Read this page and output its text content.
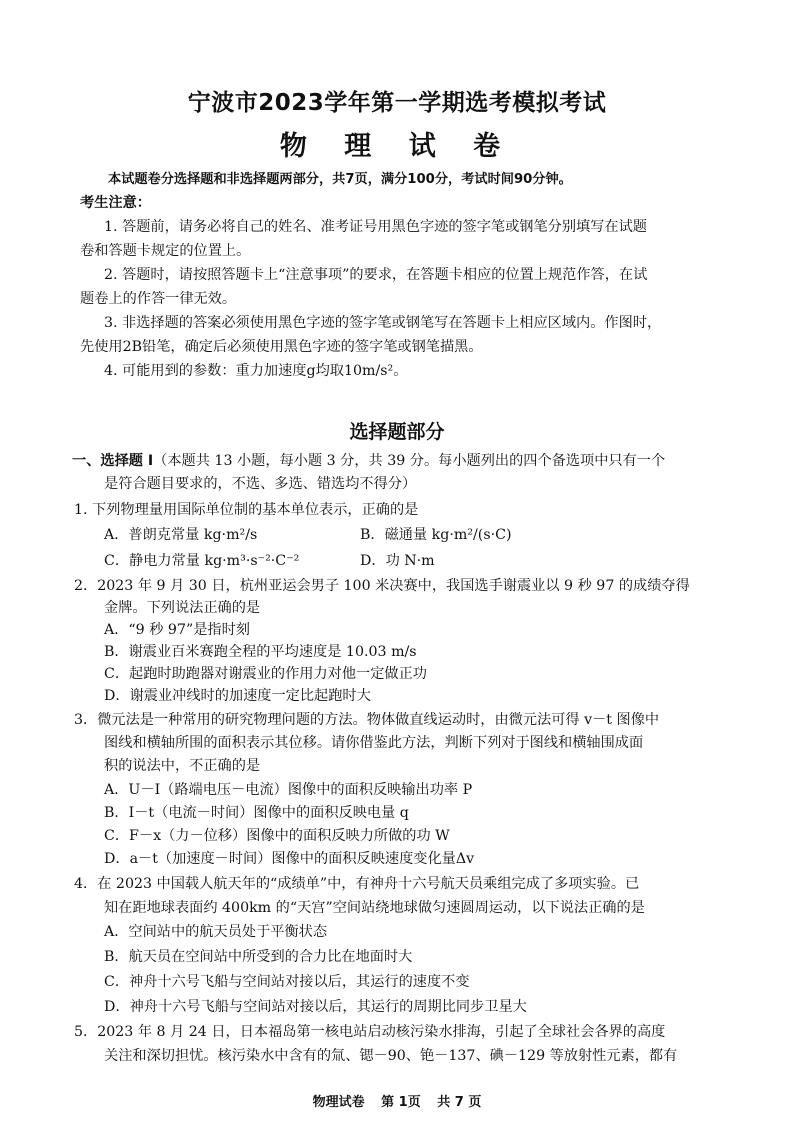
宁波市2023学年第一学期选考模拟考试
物 理 试 卷
本试题卷分选择题和非选择题两部分，共7页，满分100分，考试时间90分钟。
考生注意：
1. 答题前，请务必将自己的姓名、准考证号用黑色字迹的签字笔或钢笔分别填写在试题
卷和答题卡规定的位置上。
2. 答题时，请按照答题卡上“注意事项”的要求，在答题卡相应的位置上规范作答，在试
题卷上的作答一律无效。
3. 非选择题的答案必须使用黑色字迹的签字笔或钢笔写在答题卡上相应区域内。作图时，
先使用2B铅笔，确定后必须使用黑色字迹的签字笔或钢笔描黑。
4. 可能用到的参数：重力加速度g均取10m/s²。
选择题部分
一、选择题 I（本题共 13 小题，每小题 3 分，共 39 分。每小题列出的四个备选项中只有一个
是符合题目要求的，不选、多选、错选均不得分）
1. 下列物理量用国际单位制的基本单位表示，正确的是
A．普朗克常量 kg·m²/s	B．磁通量 kg·m²/(s·C)
C．静电力常量 kg·m³·s⁻²·C⁻²	D．功 N·m
2．2023 年 9 月 30 日，杭州亚运会男子 100 米决赛中，我国选手谢震业以 9 秒 97 的成绩夺得
金牌。下列说法正确的是
A．“9 秒 97”是指时刻
B．谢震业百米赛跑全程的平均速度是 10.03 m/s
C．起跑时助跑器对谢震业的作用力对他一定做正功
D．谢震业冲线时的加速度一定比起跑时大
3．微元法是一种常用的研究物理问题的方法。物体做直线运动时，由微元法可得 v－t 图像中
图线和横轴所围的面积表示其位移。请你借鉴此方法，判断下列对于图线和横轴围成面
积的说法中，不正确的是
A．U－I（路端电压－电流）图像中的面积反映输出功率 P
B．I－t（电流－时间）图像中的面积反映电量 q
C．F－x（力－位移）图像中的面积反映力所做的功 W
D．a－t（加速度－时间）图像中的面积反映速度变化量Δv
4．在 2023 中国载人航天年的“成绩单”中，有神舟十六号航天员乘组完成了多项实验。已
知在距地球表面约 400km 的“天宫”空间站绕地球做匀速圆周运动，以下说法正确的是
A．空间站中的航天员处于平衡状态
B．航天员在空间站中所受到的合力比在地面时大
C．神舟十六号飞船与空间站对接以后，其运行的速度不变
D．神舟十六号飞船与空间站对接以后，其运行的周期比同步卫星大
5．2023 年 8 月 24 日，日本福岛第一核电站启动核污染水排海，引起了全球社会各界的高度
关注和深切担忧。核污染水中含有的氚、锶－90、铯－137、碘－129 等放射性元素，都有
物理试卷 第 1页 共 7 页
